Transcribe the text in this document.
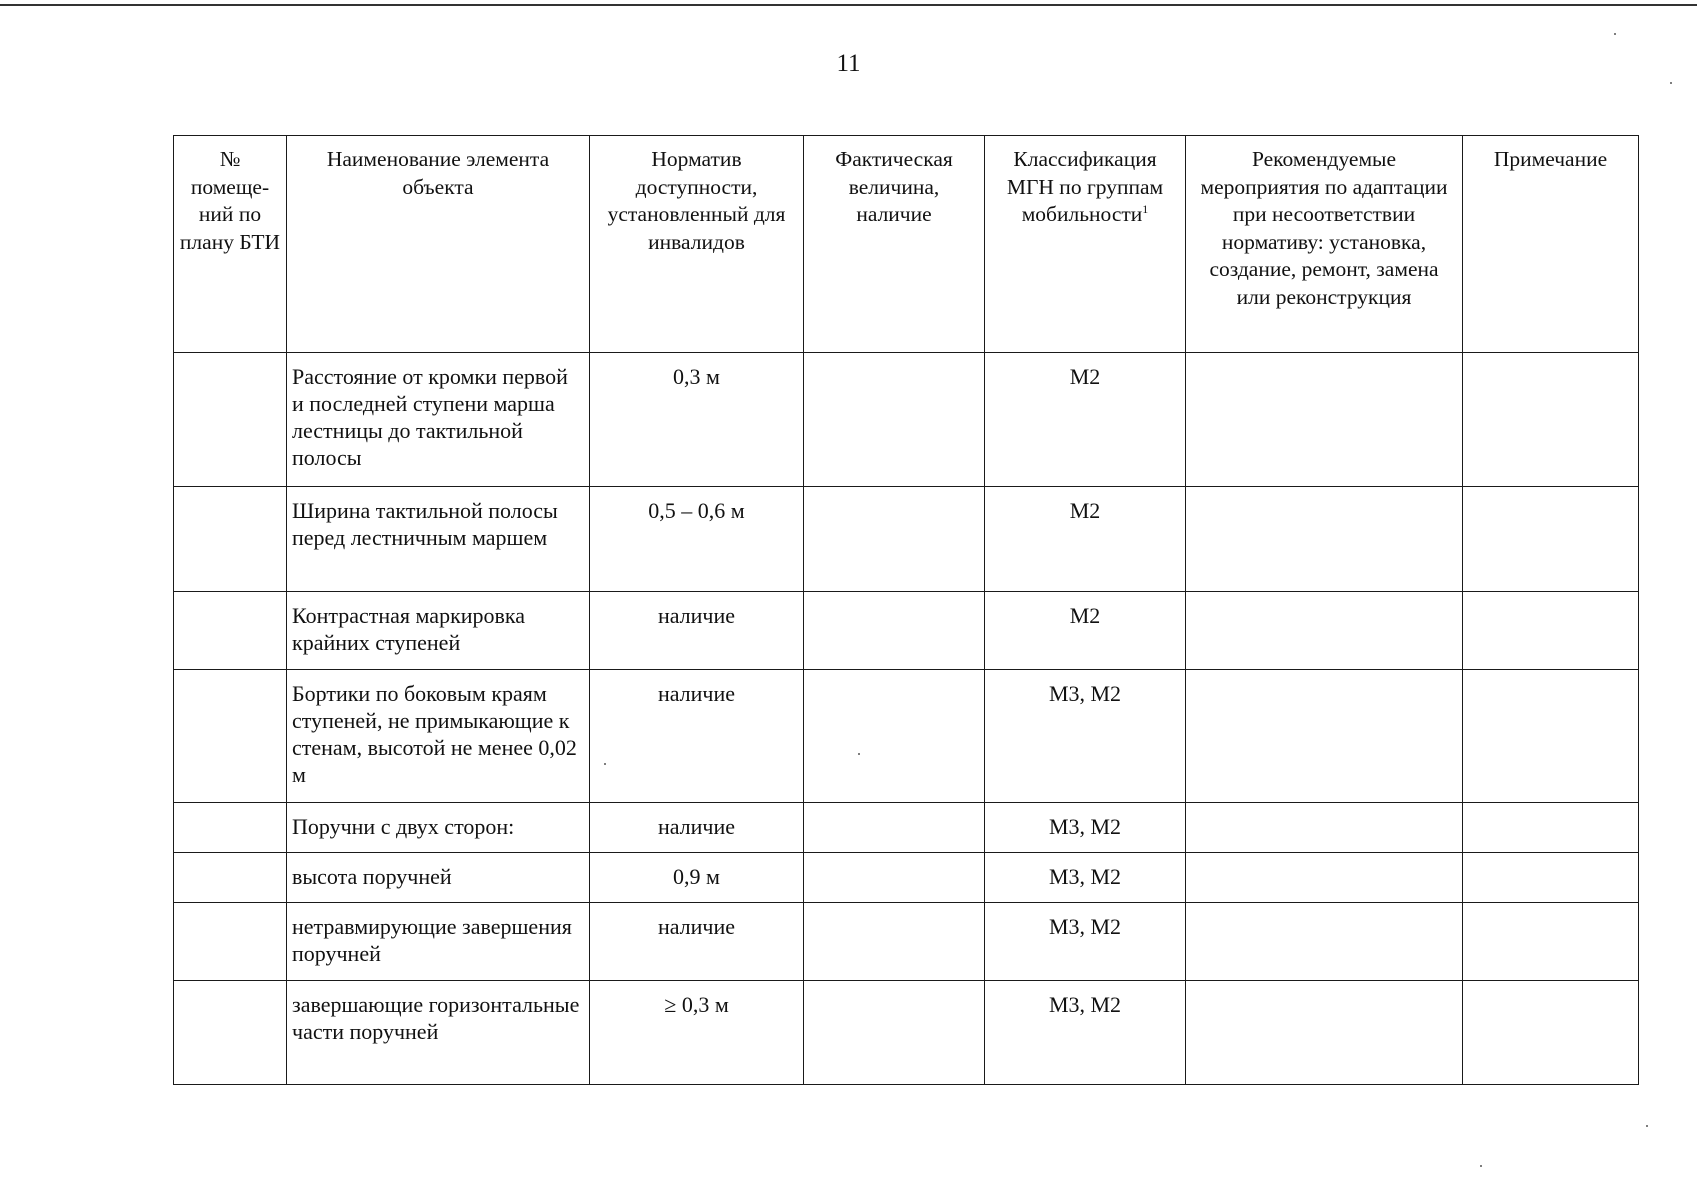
11
№ помеще-ний по плану БТИ	Наименование элемента объекта	Норматив доступности, установленный для инвалидов	Фактическая величина, наличие	Классификация МГН по группам мобильности$^1$	Рекомендуемые мероприятия по адаптации при несоответствии нормативу: установка, создание, ремонт, замена или реконструкция	Примечание
	Расстояние от кромки первой и последней ступени марша лестницы до тактильной полосы	0,3 м		М2		
	Ширина тактильной полосы перед лестничным маршем	0,5 – 0,6 м		М2		
	Контрастная маркировка крайних ступеней	наличие		М2		
	Бортики по боковым краям ступеней, не примыкающие к стенам, высотой не менее 0,02 м	наличие		М3, М2		
	Поручни с двух сторон:	наличие		М3, М2		
	высота поручней	0,9 м		М3, М2		
	нетравмирующие завершения поручней	наличие		М3, М2		
	завершающие горизонтальные части поручней	≥ 0,3 м		М3, М2		
